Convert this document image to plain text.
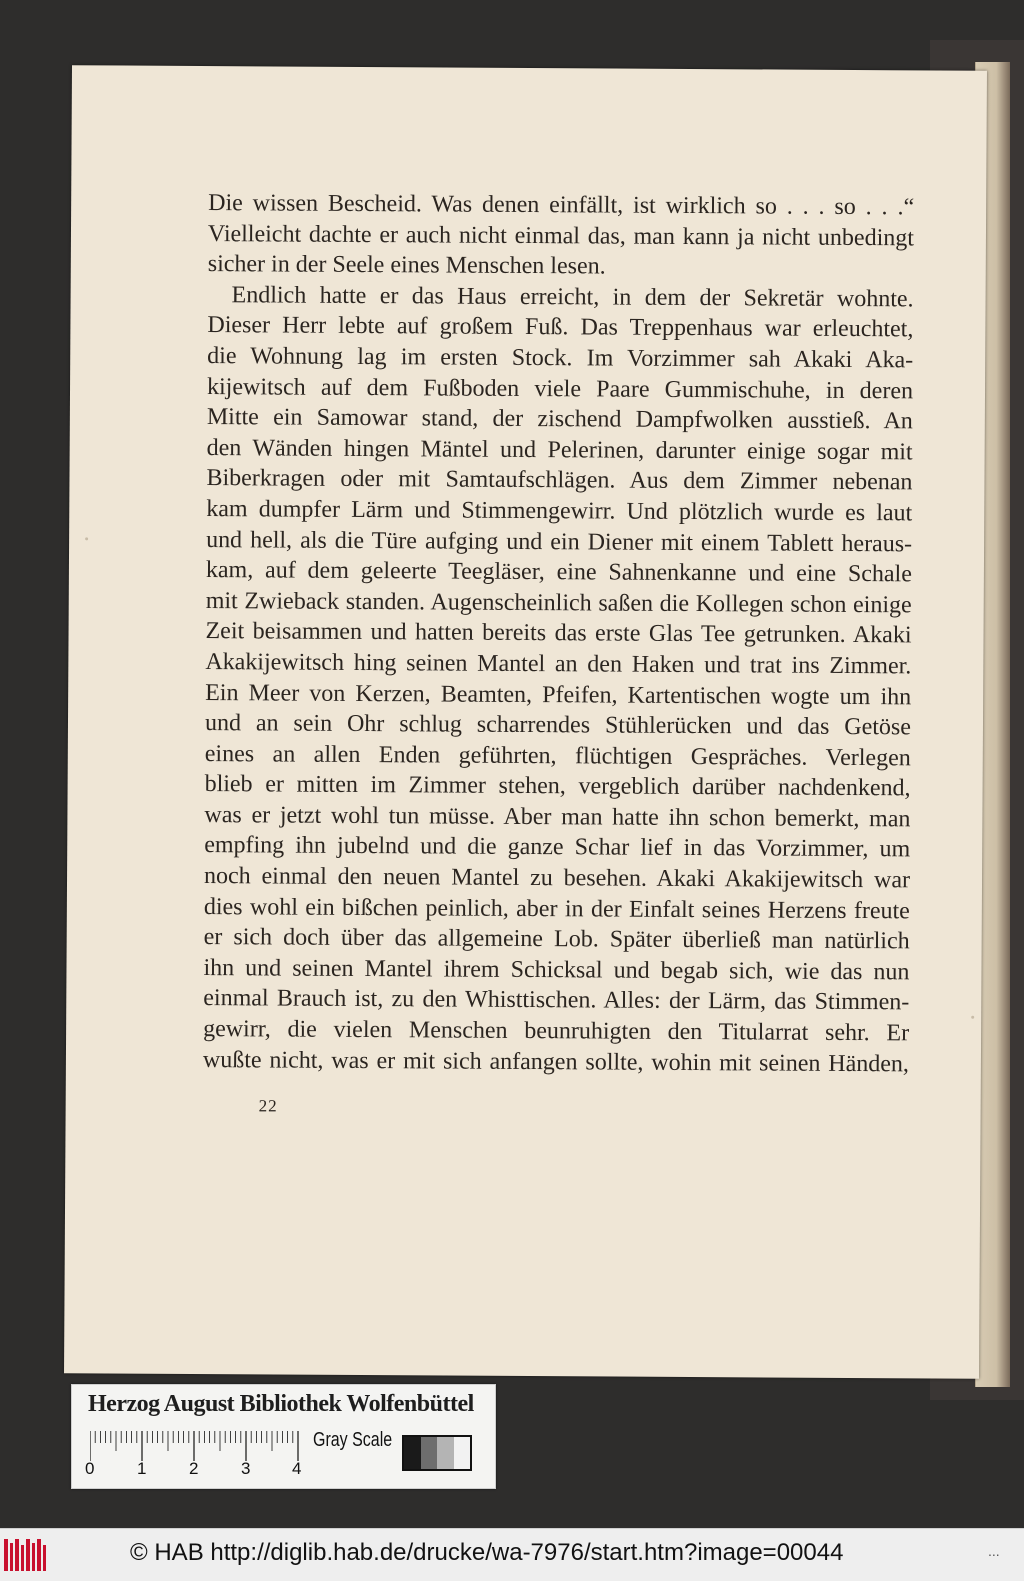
Die wissen Bescheid. Was denen einfällt, ist wirklich so . . . so . . .“
Vielleicht dachte er auch nicht einmal das, man kann ja nicht unbedingt
sicher in der Seele eines Menschen lesen.
Endlich hatte er das Haus erreicht, in dem der Sekretär wohnte.
Dieser Herr lebte auf großem Fuß. Das Treppenhaus war erleuchtet,
die Wohnung lag im ersten Stock. Im Vorzimmer sah Akaki Aka-
kijewitsch auf dem Fußboden viele Paare Gummischuhe, in deren
Mitte ein Samowar stand, der zischend Dampfwolken ausstieß. An
den Wänden hingen Mäntel und Pelerinen, darunter einige sogar mit
Biberkragen oder mit Samtaufschlägen. Aus dem Zimmer nebenan
kam dumpfer Lärm und Stimmengewirr. Und plötzlich wurde es laut
und hell, als die Türe aufging und ein Diener mit einem Tablett heraus-
kam, auf dem geleerte Teegläser, eine Sahnenkanne und eine Schale
mit Zwieback standen. Augenscheinlich saßen die Kollegen schon einige
Zeit beisammen und hatten bereits das erste Glas Tee getrunken. Akaki
Akakijewitsch hing seinen Mantel an den Haken und trat ins Zimmer.
Ein Meer von Kerzen, Beamten, Pfeifen, Kartentischen wogte um ihn
und an sein Ohr schlug scharrendes Stühlerücken und das Getöse
eines an allen Enden geführten, flüchtigen Gespräches. Verlegen
blieb er mitten im Zimmer stehen, vergeblich darüber nachdenkend,
was er jetzt wohl tun müsse. Aber man hatte ihn schon bemerkt, man
empfing ihn jubelnd und die ganze Schar lief in das Vorzimmer, um
noch einmal den neuen Mantel zu besehen. Akaki Akakijewitsch war
dies wohl ein bißchen peinlich, aber in der Einfalt seines Herzens freute
er sich doch über das allgemeine Lob. Später überließ man natürlich
ihn und seinen Mantel ihrem Schicksal und begab sich, wie das nun
einmal Brauch ist, zu den Whisttischen. Alles: der Lärm, das Stimmen-
gewirr, die vielen Menschen beunruhigten den Titularrat sehr. Er
wußte nicht, was er mit sich anfangen sollte, wohin mit seinen Händen,
22
Herzog August Bibliothek Wolfenbüttel
0	1	2	3 4
Gray Scale
© HAB http://diglib.hab.de/drucke/wa-7976/start.htm?image=00044	...
